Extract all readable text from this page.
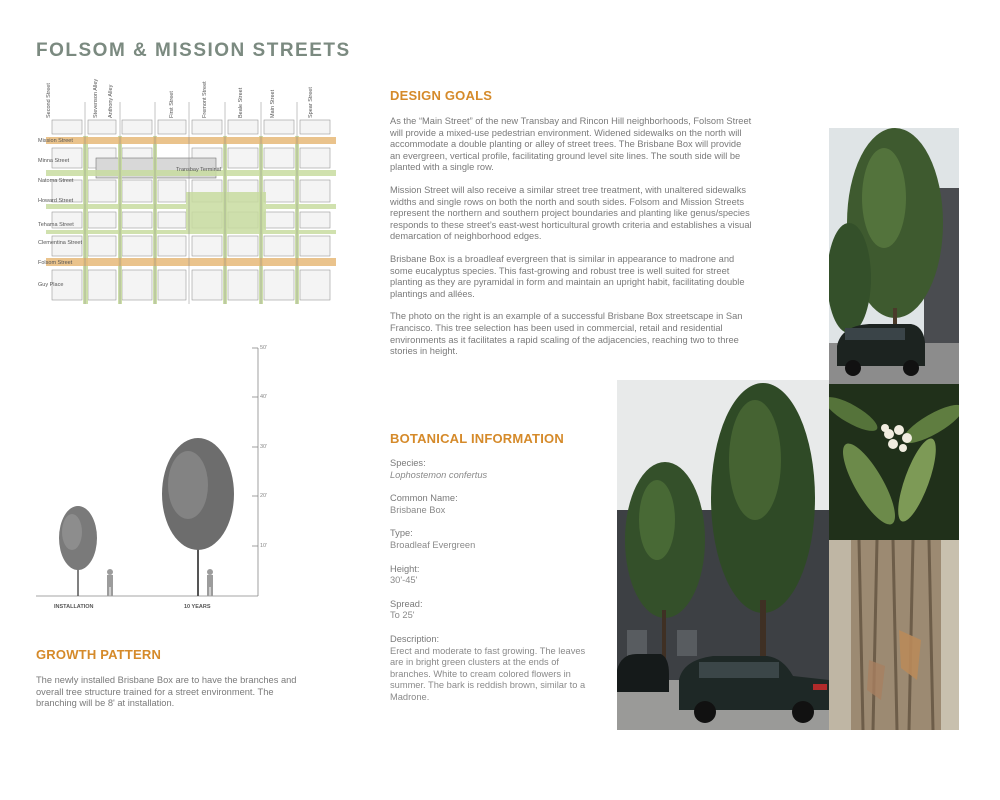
FOLSOM & MISSION STREETS
Mission Street
Minna Street
Natoma Street
Howard Street
Tehama Street
Clementina Street
Folsom Street
Guy Place
Second Street	Stevenson Alley Anthony Alley	First Street	Fremont Street	Beale Street	Main Street	Spear Street
Transbay Terminal
50'
40'
30'
20'
10'
INSTALLATION	10 YEARS
GROWTH PATTERN
The newly installed Brisbane Box are to have the branches and overall tree structure trained for a street environment. The branching will be 8' at installation.
DESIGN GOALS

As the “Main Street” of the new Transbay and Rincon Hill neighborhoods, Folsom Street will provide a mixed-use pedestrian environment. Widened sidewalks on the north will accommodate a double planting or alley of street trees. The Brisbane Box will provide an evergreen, vertical profile, facilitating ground level site lines. The south side will be planted with a single row.

Mission Street will also receive a similar street tree treatment, with unaltered sidewalks widths and single rows on both the north and south sides. Folsom and Mission Streets represent the northern and southern project boundaries and planting like genus/species responds to these street’s east-west horticultural growth criteria and establishes a visual demarcation of neighborhood edges.

Brisbane Box is a broadleaf evergreen that is similar in appearance to madrone and some eucalyptus species. This fast-growing and robust tree is well suited for street planting as they are pyramidal in form and maintain an upright habit, facilitating double plantings and allées.

The photo on the right is an example of a successful Brisbane Box streetscape in San Francisco. This tree selection has been used in commercial, retail and residential environments as it facilitates a rapid scaling of the adjacencies, reaching two to three stories in height.

BOTANICAL INFORMATION
Species:
Lophostemon confertus
Common Name:
Brisbane Box
Type:
Broadleaf Evergreen
Height:
30'-45'
Spread:
To 25'
Description:
Erect and moderate to fast growing. The leaves are in bright green clusters at the ends of branches. White to cream colored flowers in summer. The bark is reddish brown, similar to a Madrone.
